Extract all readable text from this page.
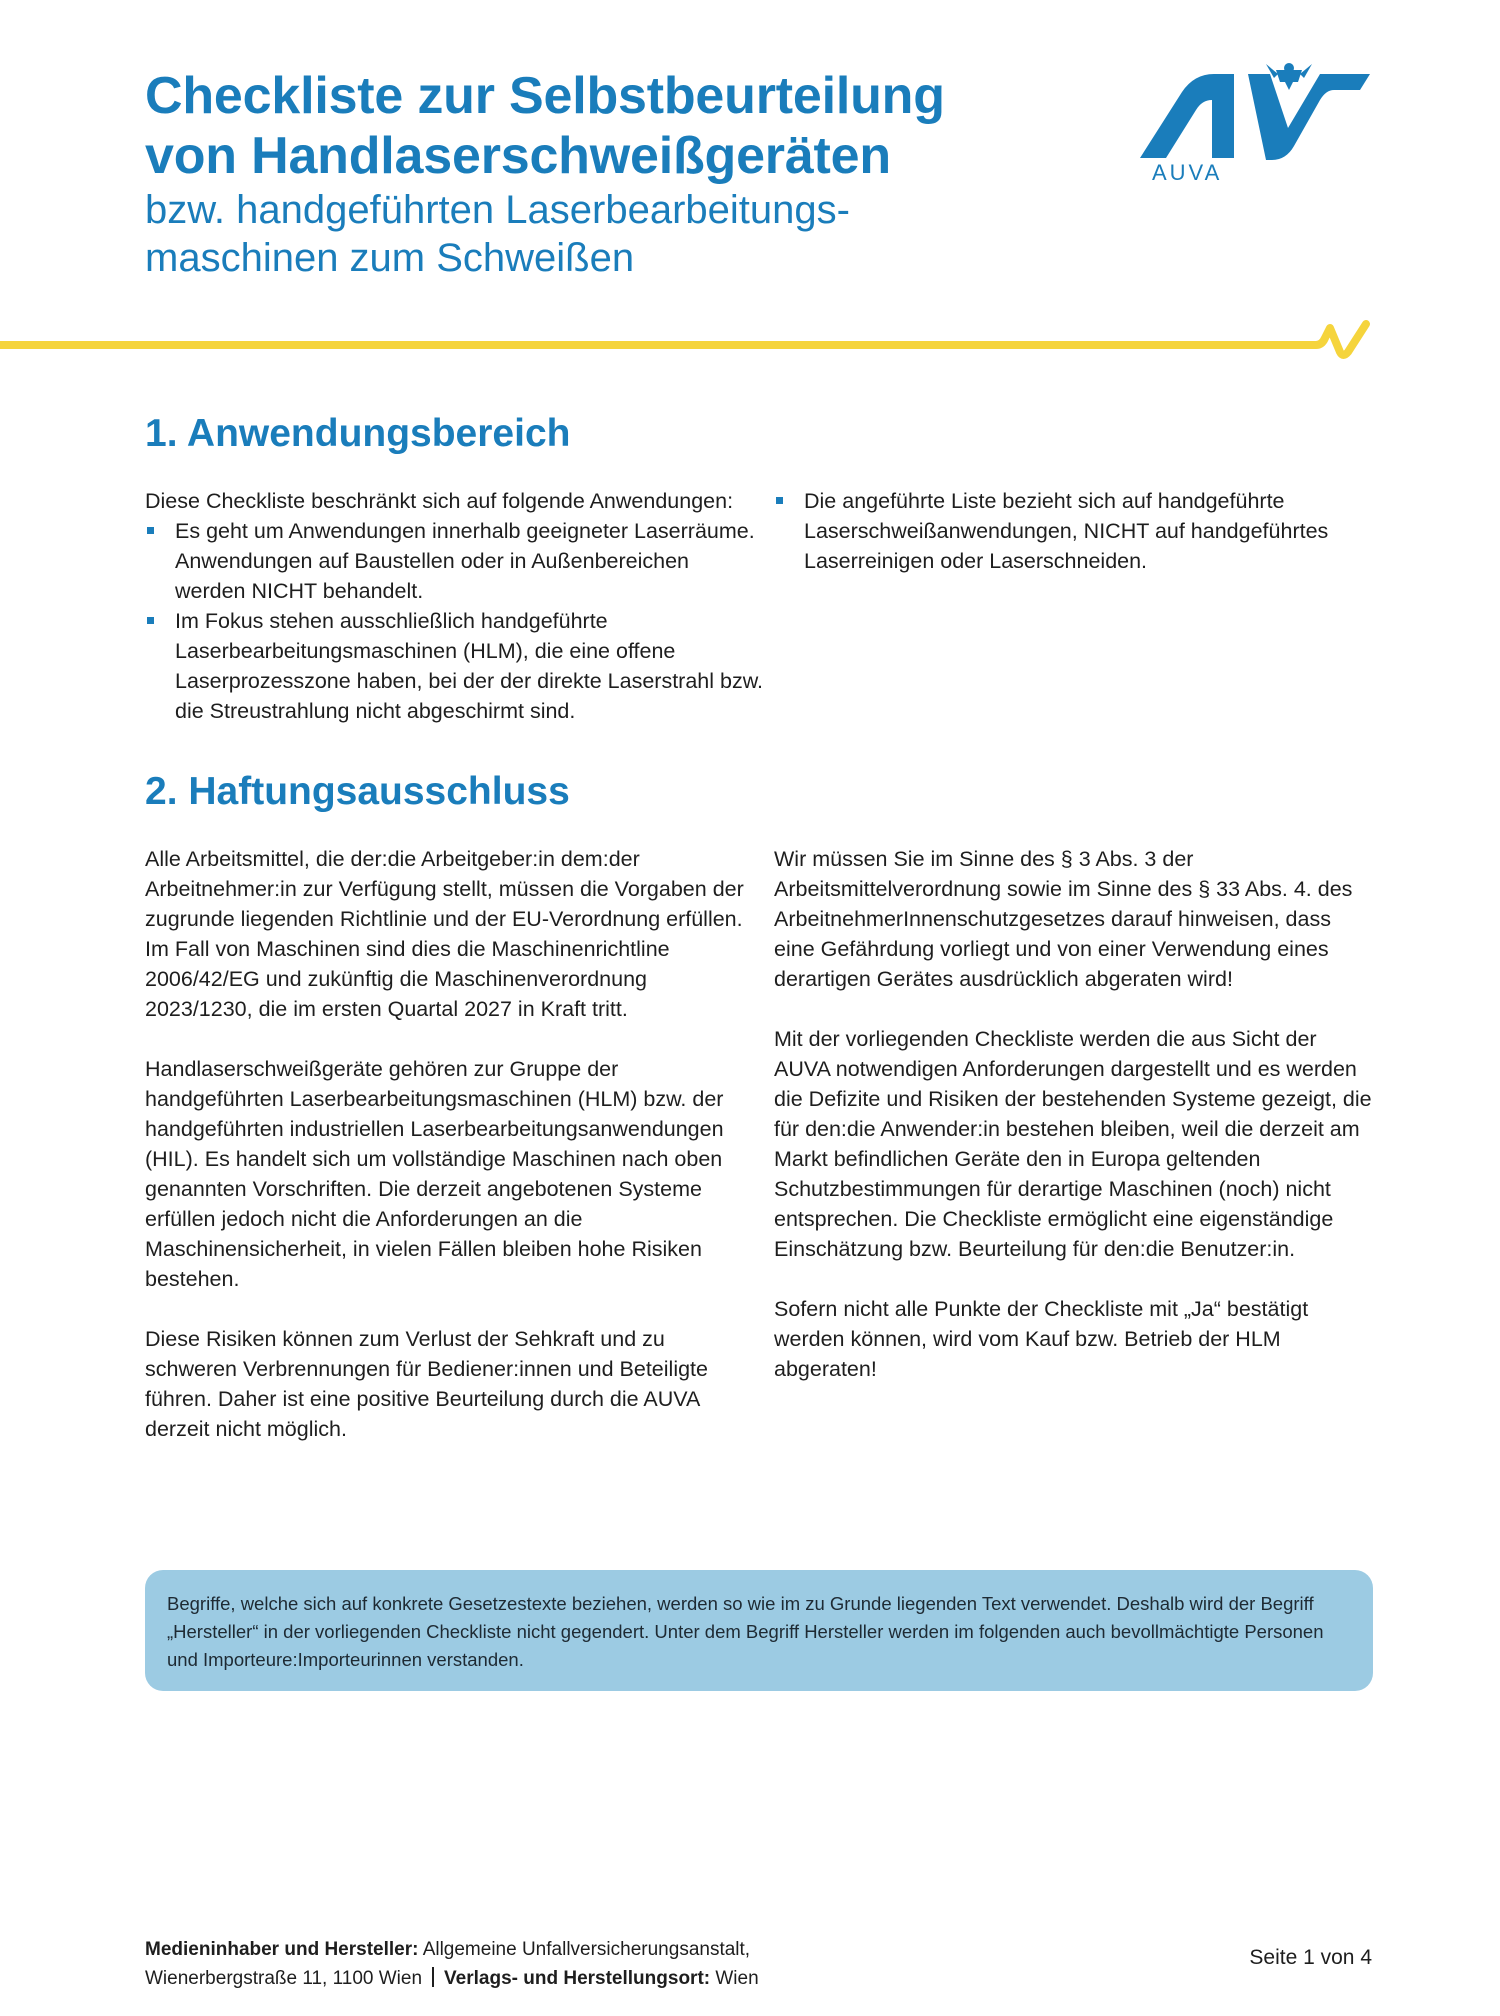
Checkliste zur Selbstbeurteilung
von Handlaserschweißgeräten
bzw. handgeführten Laserbearbeitungs-
maschinen zum Schweißen
AUVA
1. Anwendungsbereich

Diese Checkliste beschränkt sich auf folgende Anwendungen:

Es geht um Anwendungen innerhalb geeigneter Laserräume. Anwendungen auf Baustellen oder in Außenbereichen werden NICHT behandelt.
Im Fokus stehen ausschließlich handgeführte Laserbearbeitungsmaschinen (HLM), die eine offene Laserprozesszone haben, bei der der direkte Laserstrahl bzw. die Streustrahlung nicht abgeschirmt sind.
Die angeführte Liste bezieht sich auf handgeführte Laserschweißanwendungen, NICHT auf handgeführtes Laserreinigen oder Laserschneiden.
2. Haftungsausschluss

Alle Arbeitsmittel, die der:die Arbeitgeber:in dem:der Arbeitnehmer:in zur Verfügung stellt, müssen die Vorgaben der zugrunde liegenden Richtlinie und der EU-Verordnung erfüllen. Im Fall von Maschinen sind dies die Maschinenrichtline 2006/42/EG und zukünftig die Maschinenverordnung 2023/1230, die im ersten Quartal 2027 in Kraft tritt.

Handlaserschweißgeräte gehören zur Gruppe der handgeführten Laserbearbeitungsmaschinen (HLM) bzw. der handgeführten industriellen Laserbearbeitungsanwendungen (HIL). Es handelt sich um vollständige Maschinen nach oben genannten Vorschriften. Die derzeit angebotenen Systeme erfüllen jedoch nicht die Anforderungen an die Maschinensicherheit, in vielen Fällen bleiben hohe Risiken bestehen.

Diese Risiken können zum Verlust der Sehkraft und zu schweren Verbrennungen für Bediener:innen und Beteiligte führen. Daher ist eine positive Beurteilung durch die AUVA derzeit nicht möglich.

Wir müssen Sie im Sinne des § 3 Abs. 3 der Arbeitsmittelverordnung sowie im Sinne des § 33 Abs. 4. des ArbeitnehmerInnenschutzgesetzes darauf hinweisen, dass eine Gefährdung vorliegt und von einer Verwendung eines derartigen Gerätes ausdrücklich abgeraten wird!

Mit der vorliegenden Checkliste werden die aus Sicht der AUVA notwendigen Anforderungen dargestellt und es werden die Defizite und Risiken der bestehenden Systeme gezeigt, die für den:die Anwender:in bestehen bleiben, weil die derzeit am Markt befindlichen Geräte den in Europa geltenden Schutzbestimmungen für derartige Maschinen (noch) nicht entsprechen. Die Checkliste ermöglicht eine eigenständige Einschätzung bzw. Beurteilung für den:die Benutzer:in.

Sofern nicht alle Punkte der Checkliste mit „Ja“ bestätigt werden können, wird vom Kauf bzw. Betrieb der HLM abgeraten!

Begriffe, welche sich auf konkrete Gesetzestexte beziehen, werden so wie im zu Grunde liegenden Text verwendet. Deshalb wird der Begriff „Hersteller“ in der vorliegenden Checkliste nicht gegendert. Unter dem Begriff Hersteller werden im folgenden auch bevollmächtigte Personen und Importeure:Importeurinnen verstanden.
Medieninhaber und Hersteller: Allgemeine Unfallversicherungsanstalt,
Wienerbergstraße 11, 1100 Wien Verlags- und Herstellungsort: Wien
Seite 1 von 4
